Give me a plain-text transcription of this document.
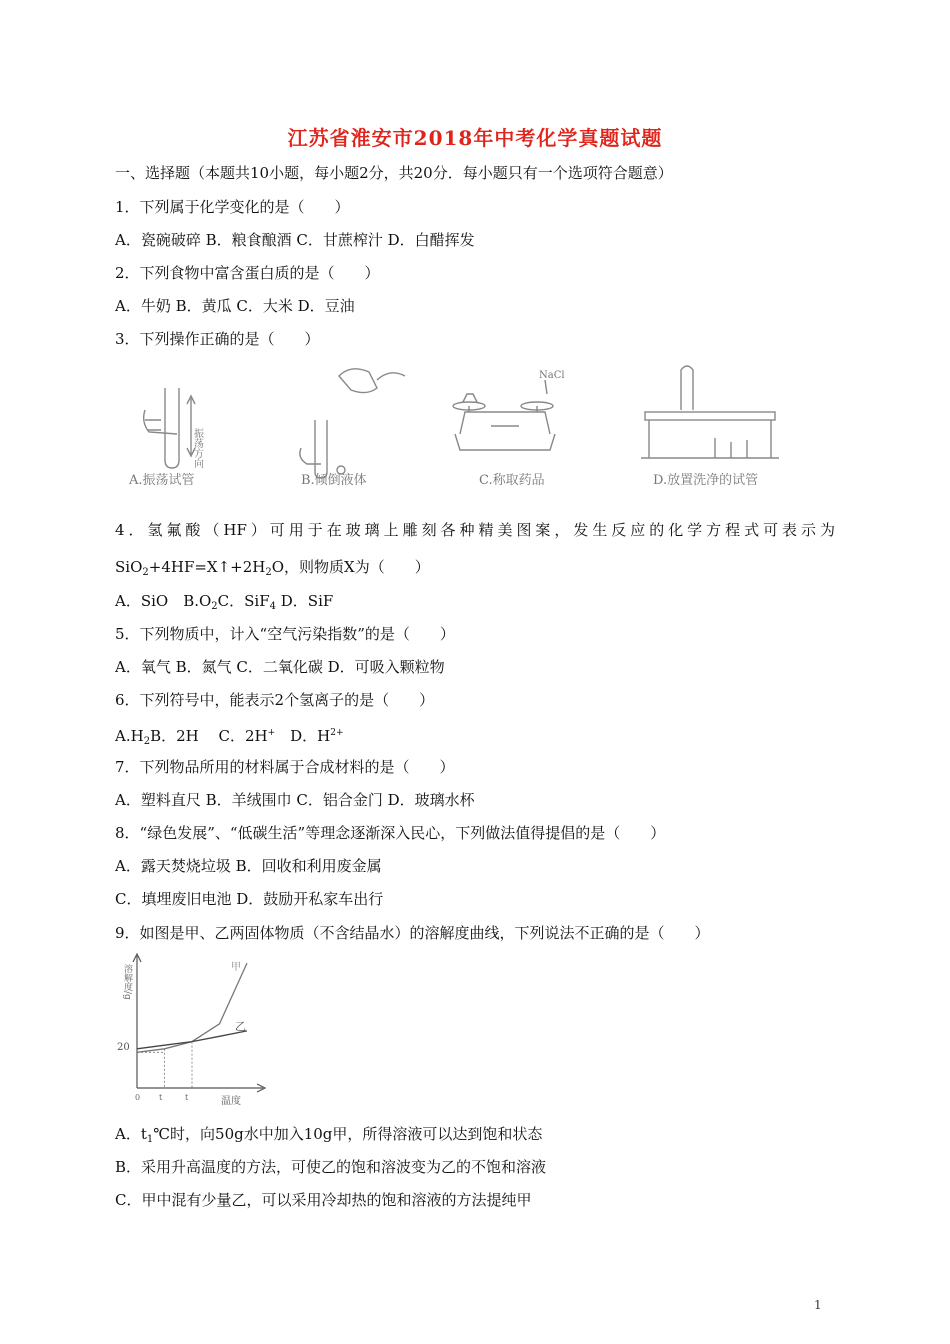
江苏省淮安市2018年中考化学真题试题
一、选择题（本题共10小题，每小题2分，共20分．每小题只有一个选项符合题意）
1．下列属于化学变化的是（　　）
A．瓷碗破碎 B．粮食酿酒 C．甘蔗榨汁 D．白醋挥发
2．下列食物中富含蛋白质的是（　　）
A．牛奶 B．黄瓜 C．大米 D．豆油
3．下列操作正确的是（　　）
振荡方向
NaCl
A.振荡试管	B.倾倒液体	C.称取药品	D.放置洗净的试管
4．氢氟酸（HF）可用于在玻璃上雕刻各种精美图案，发生反应的化学方程式可表示为
$SiO_2+4HF=X↑+2H_2O$，则物质X为（　　）
A．SiO　$B.O_2C$．SiF$_4$ D．SiF
5．下列物质中，计入“空气污染指数”的是（　　）
A．氧气 B．氮气 C．二氧化碳 D．可吸入颗粒物
6．下列符号中，能表示2个氢离子的是（　　）
$A.H_2B$．2H　 C．2H+　D．$H^{2+}$
7．下列物品所用的材料属于合成材料的是（　　）
A．塑料直尺 B．羊绒围巾 C．铝合金门 D．玻璃水杯
8．“绿色发展”、“低碳生活”等理念逐渐深入民心，下列做法值得提倡的是（　　）
A．露天焚烧垃圾 B．回收和利用废金属
C．填埋废旧电池 D．鼓励开私家车出行
9．如图是甲、乙两固体物质（不含结晶水）的溶解度曲线，下列说法不正确的是（　　）
溶解度/g
20
0 t	t	温度
甲
乙
A．$t_1℃$时，向50g水中加入10g甲，所得溶液可以达到饱和状态
B．采用升高温度的方法，可使乙的饱和溶波变为乙的不饱和溶液
C．甲中混有少量乙，可以采用冷却热的饱和溶液的方法提纯甲
1
